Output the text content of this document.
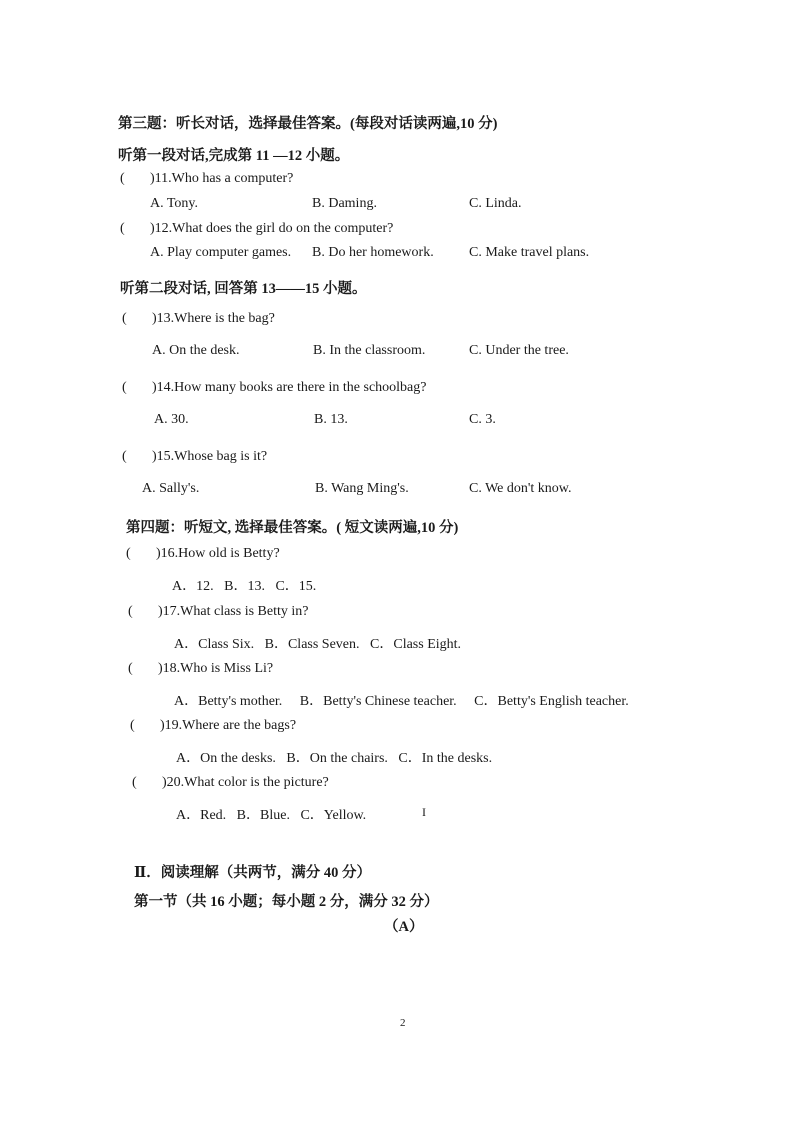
第三题：听长对话，选择最佳答案。(每段对话读两遍,10 分)
听第一段对话,完成第 11 —12 小题。
( )11.Who has a computer?
A. Tony.	B. Daming.	C. Linda.
( )12.What does the girl do on the computer?
A. Play computer games. B. Do her homework.	C. Make travel plans.
听第二段对话, 回答第 13——15 小题。
( )13.Where is the bag?
A. On the desk.	B. In the classroom.	C. Under the tree.
( )14.How many books are there in the schoolbag?
A. 30.	B. 13.	C. 3.
( )15.Whose bag is it?
A. Sally's.	B. Wang Ming's.	C. We don't know.
第四题：听短文, 选择最佳答案。( 短文读两遍,10 分)
( )16.How old is Betty?
A．12.   B．13.   C．15.
( )17.What class is Betty in?
A．Class Six.   B．Class Seven.   C．Class Eight.
( )18.Who is Miss Li?
A．Betty's mother.     B．Betty's Chinese teacher.     C．Betty's English teacher.
( )19.Where are the bags?
A．On the desks.   B．On the chairs.   C．In the desks.
( )20.What color is the picture?
A．Red.   B．Blue.   C．Yellow.	I
Ⅱ．阅读理解（共两节，满分 40 分）
第一节（共 16 小题；每小题 2 分，满分 32 分）
（A）
2
